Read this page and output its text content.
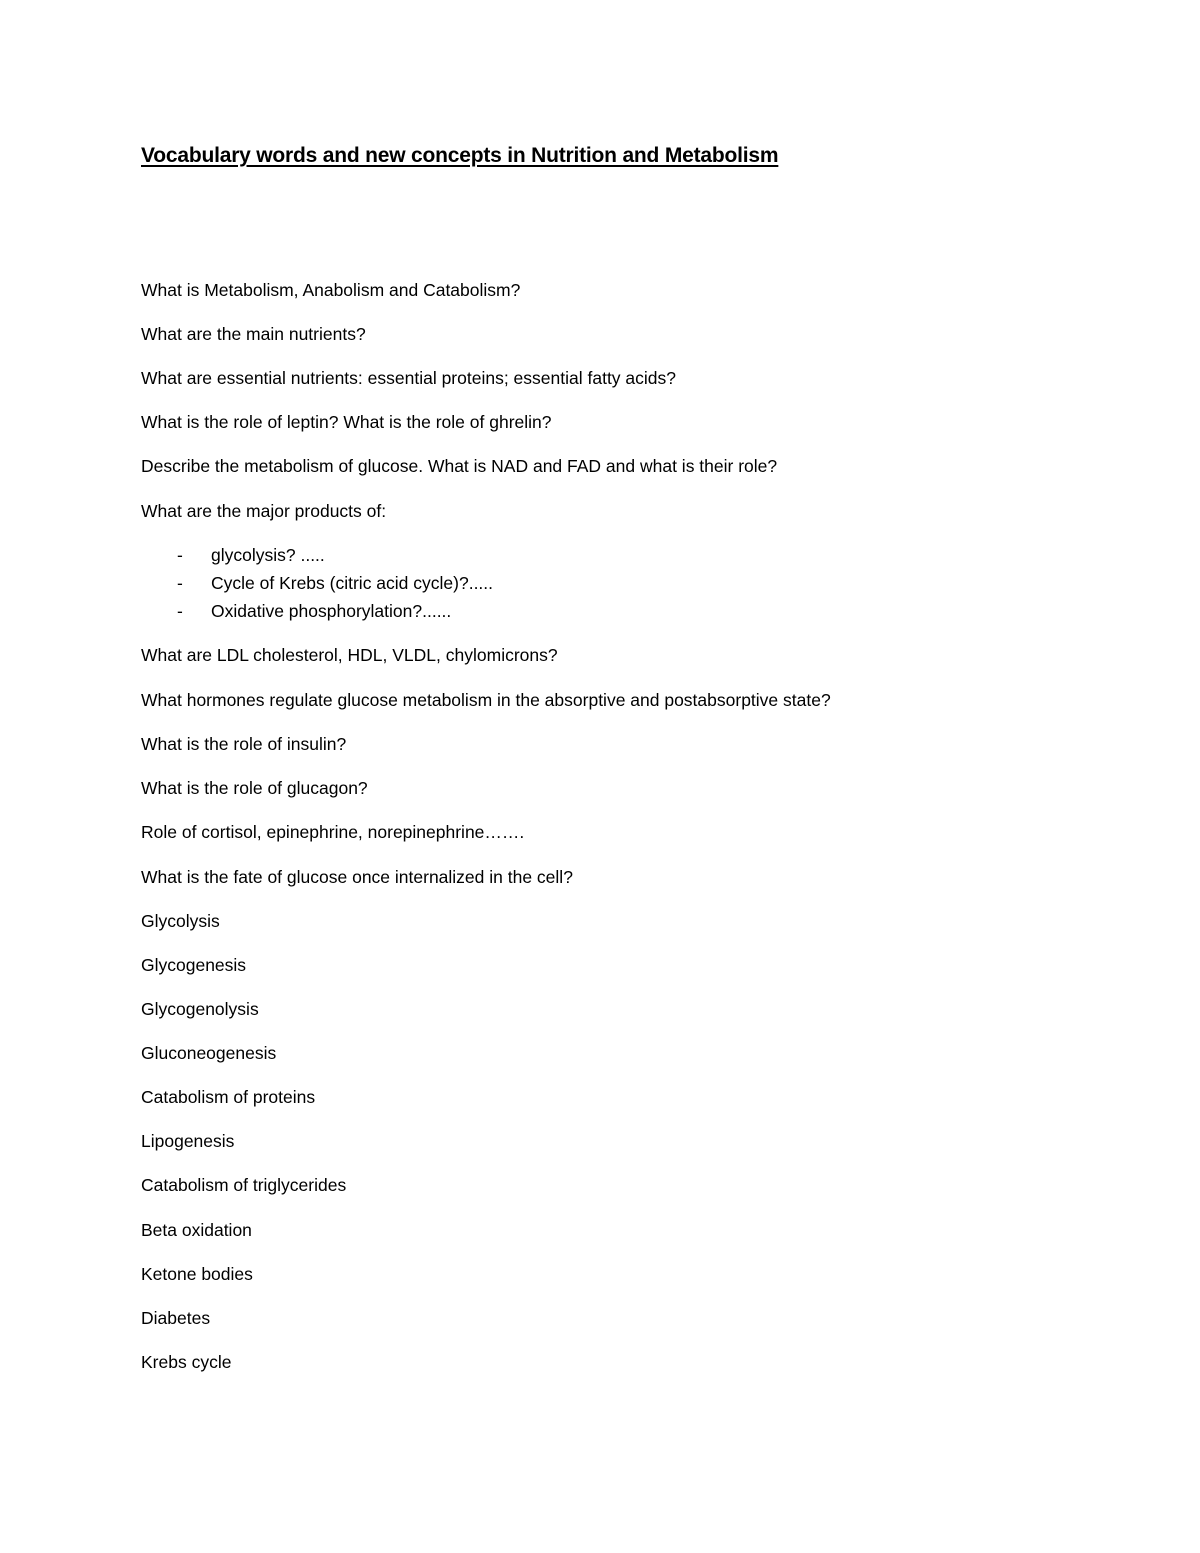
Vocabulary words and new concepts in Nutrition and Metabolism

What is Metabolism, Anabolism and Catabolism?

What are the main nutrients?

What are essential nutrients: essential proteins; essential fatty acids?

What is the role of leptin? What is the role of ghrelin?

Describe the metabolism of glucose. What is NAD and FAD and what is their role?

What are the major products of:

- glycolysis? .....
- Cycle of Krebs (citric acid cycle)?.....
- Oxidative phosphorylation?......

What are LDL cholesterol, HDL, VLDL, chylomicrons?

What hormones regulate glucose metabolism in the absorptive and postabsorptive state?

What is the role of insulin?

What is the role of glucagon?

Role of cortisol, epinephrine, norepinephrine…….

What is the fate of glucose once internalized in the cell?

Glycolysis

Glycogenesis

Glycogenolysis

Gluconeogenesis

Catabolism of proteins

Lipogenesis

Catabolism of triglycerides

Beta oxidation

Ketone bodies

Diabetes

Krebs cycle
